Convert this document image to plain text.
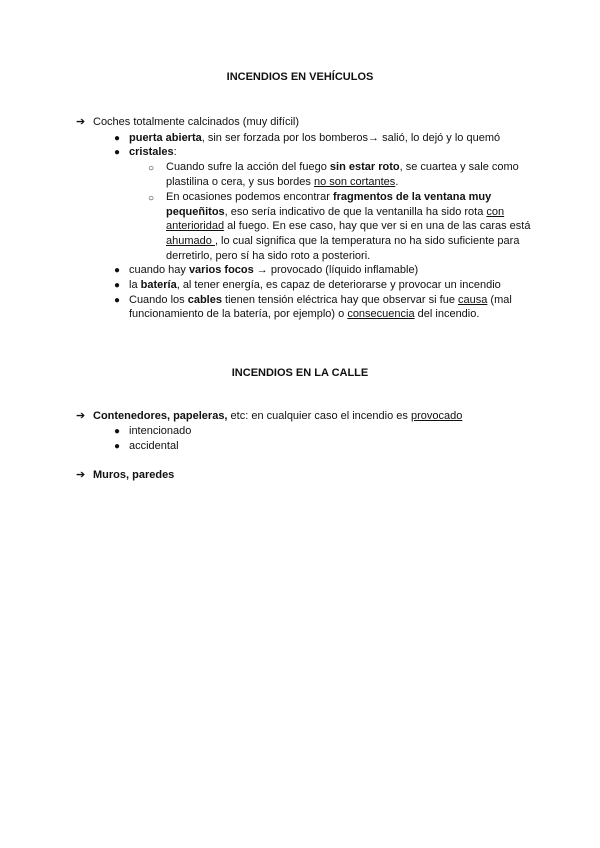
INCENDIOS EN VEHÍCULOS
➔ Coches totalmente calcinados (muy difícil)
● puerta abierta, sin ser forzada por los bomberos→ salió, lo dejó y lo quemó
● cristales:
○ Cuando sufre la acción del fuego sin estar roto, se cuartea y sale como
plastilina o cera, y sus bordes no son cortantes.
○ En ocasiones podemos encontrar fragmentos de la ventana muy
pequeñitos, eso sería indicativo de que la ventanilla ha sido rota con
anterioridad al fuego. En ese caso, hay que ver si en una de las caras está
ahumado , lo cual significa que la temperatura no ha sido suficiente para
derretirlo, pero sí ha sido roto a posteriori.
● cuando hay varios focos → provocado (líquido inflamable)
● la batería, al tener energía, es capaz de deteriorarse y provocar un incendio
● Cuando los cables tienen tensión eléctrica hay que observar si fue causa (mal
funcionamiento de la batería, por ejemplo) o consecuencia del incendio.
INCENDIOS EN LA CALLE
➔ Contenedores, papeleras, etc: en cualquier caso el incendio es provocado
● intencionado
● accidental
➔ Muros, paredes
